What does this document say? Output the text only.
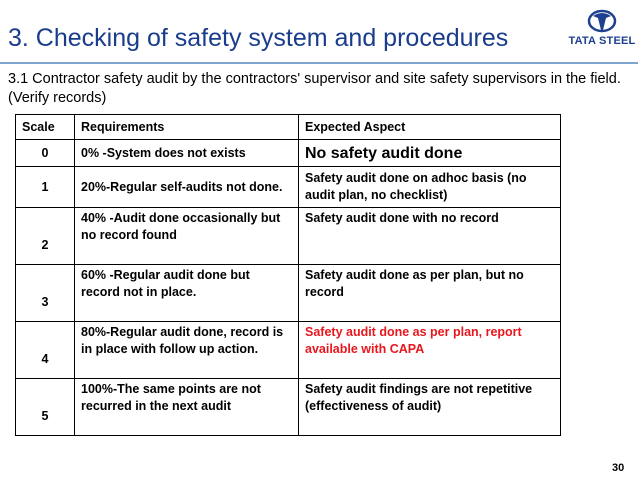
3. Checking of safety system and procedures	TATA STEEL
3.1 Contractor safety audit by the contractors' supervisor and site safety supervisors in the field. (Verify records)
Scale	Requirements	Expected Aspect
0	0% -System does not exists	No safety audit done
1	20%-Regular self-audits not done.	Safety audit done on adhoc basis (no audit plan, no checklist)
2	40% -Audit done occasionally but no record found	Safety audit done with no record
3	60% -Regular audit done but record not in place.	Safety audit done as per plan, but no record
4	80%-Regular audit done, record is in place with follow up action.	Safety audit done as per plan, report available with CAPA
5	100%-The same points are not recurred in the next audit	Safety audit findings are not repetitive (effectiveness of audit)
30
